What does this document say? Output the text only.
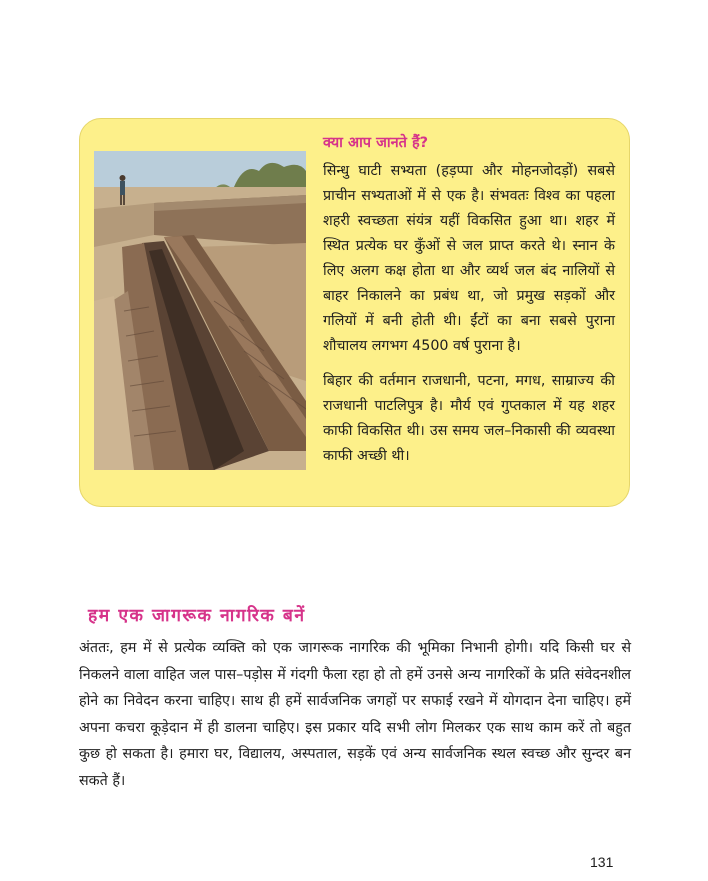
क्या आप जानते हैं?

सिन्धु घाटी सभ्यता (हड़प्पा और मोहनजोदड़ों) सबसे प्राचीन सभ्यताओं में से एक है। संभवतः विश्व का पहला शहरी स्वच्छता संयंत्र यहीं विकसित हुआ था। शहर में स्थित प्रत्येक घर कुँओं से जल प्राप्त करते थे। स्नान के लिए अलग कक्ष होता था और व्यर्थ जल बंद नालियों से बाहर निकालने का प्रबंध था, जो प्रमुख सड़कों और गलियों में बनी होती थी। ईंटों का बना सबसे पुराना शौचालय लगभग 4500 वर्ष पुराना है।

बिहार की वर्तमान राजधानी, पटना, मगध, साम्राज्य की राजधानी पाटलिपुत्र है। मौर्य एवं गुप्तकाल में यह शहर काफी विकसित थी। उस समय जल–निकासी की व्यवस्था काफी अच्छी थी।

हम एक जागरूक नागरिक बनें

अंततः, हम में से प्रत्येक व्यक्ति को एक जागरूक नागरिक की भूमिका निभानी होगी। यदि किसी घर से निकलने वाला वाहित जल पास–पड़ोस में गंदगी फैला रहा हो तो हमें उनसे अन्य नागरिकों के प्रति संवेदनशील होने का निवेदन करना चाहिए। साथ ही हमें सार्वजनिक जगहों पर सफाई रखने में योगदान देना चाहिए। हमें अपना कचरा कूड़ेदान में ही डालना चाहिए। इस प्रकार यदि सभी लोग मिलकर एक साथ काम करें तो बहुत कुछ हो सकता है। हमारा घर, विद्यालय, अस्पताल, सड़कें एवं अन्य सार्वजनिक स्थल स्वच्छ और सुन्दर बन सकते हैं।

131
